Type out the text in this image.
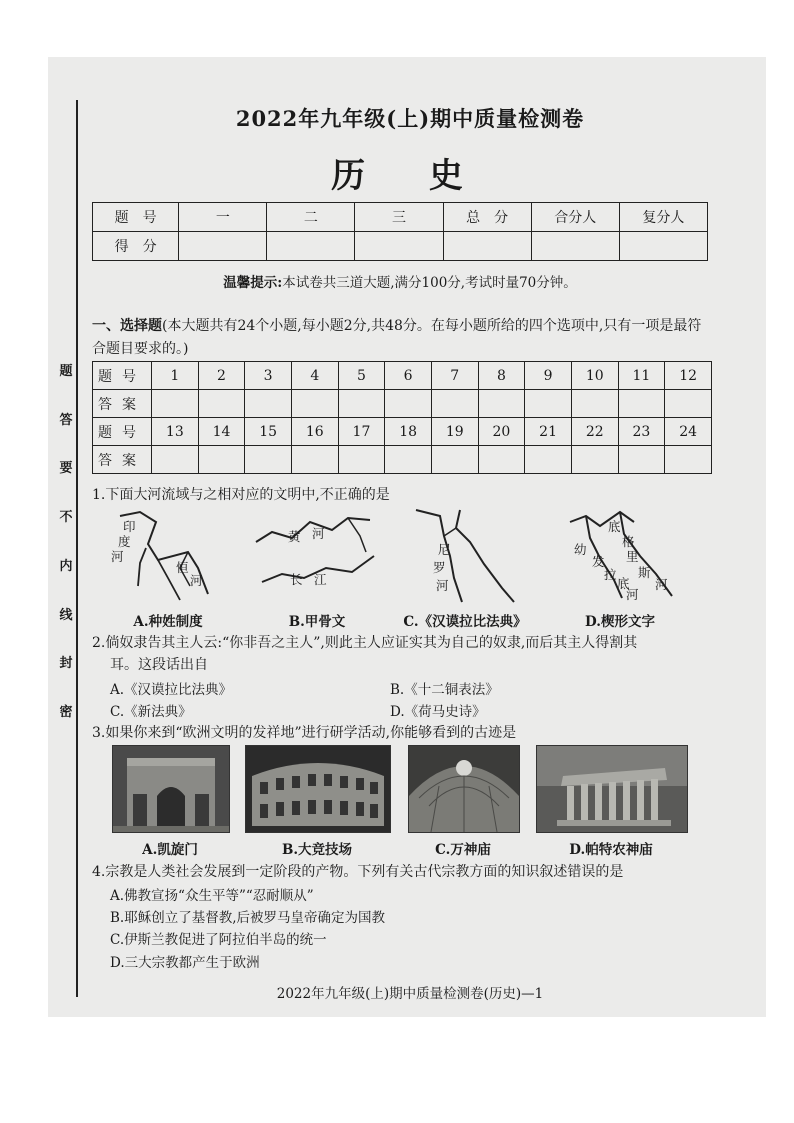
题
答
要
不
内
线
封
密
2022年九年级(上)期中质量检测卷
历 史
题　号	一	二	三	总　分	合分人	复分人
得　分						
温馨提示:本试卷共三道大题,满分100分,考试时量70分钟。
一、选择题(本大题共有24个小题,每小题2分,共48分。在每小题所给的四个选项中,只有一项是最符合题目要求的。)
题号	1	2	3	4	5	6	7	8	9	10	11	12
答案												
题号	13	14	15	16	17	18	19	20	21	22	23	24
答案												
1.下面大河流域与之相对应的文明中,不正确的是
印
度
河
恒
河
A.种姓制度
黄 河
长 江
B.甲骨文
尼
罗
河
C.《汉谟拉比法典》
底
格
里
斯
河
幼
发
拉
底
河
D.楔形文字
2.倘奴隶告其主人云:“你非吾之主人”,则此主人应证实其为自己的奴隶,而后其主人得割其
耳。这段话出自
A.《汉谟拉比法典》	B.《十二铜表法》
C.《新法典》	D.《荷马史诗》
3.如果你来到“欧洲文明的发祥地”进行研学活动,你能够看到的古迹是
A.凯旋门	B.大竞技场	C.万神庙	D.帕特农神庙
4.宗教是人类社会发展到一定阶段的产物。下列有关古代宗教方面的知识叙述错误的是
A.佛教宣扬“众生平等”“忍耐顺从”
B.耶稣创立了基督教,后被罗马皇帝确定为国教
C.伊斯兰教促进了阿拉伯半岛的统一
D.三大宗教都产生于欧洲
2022年九年级(上)期中质量检测卷(历史)—1
